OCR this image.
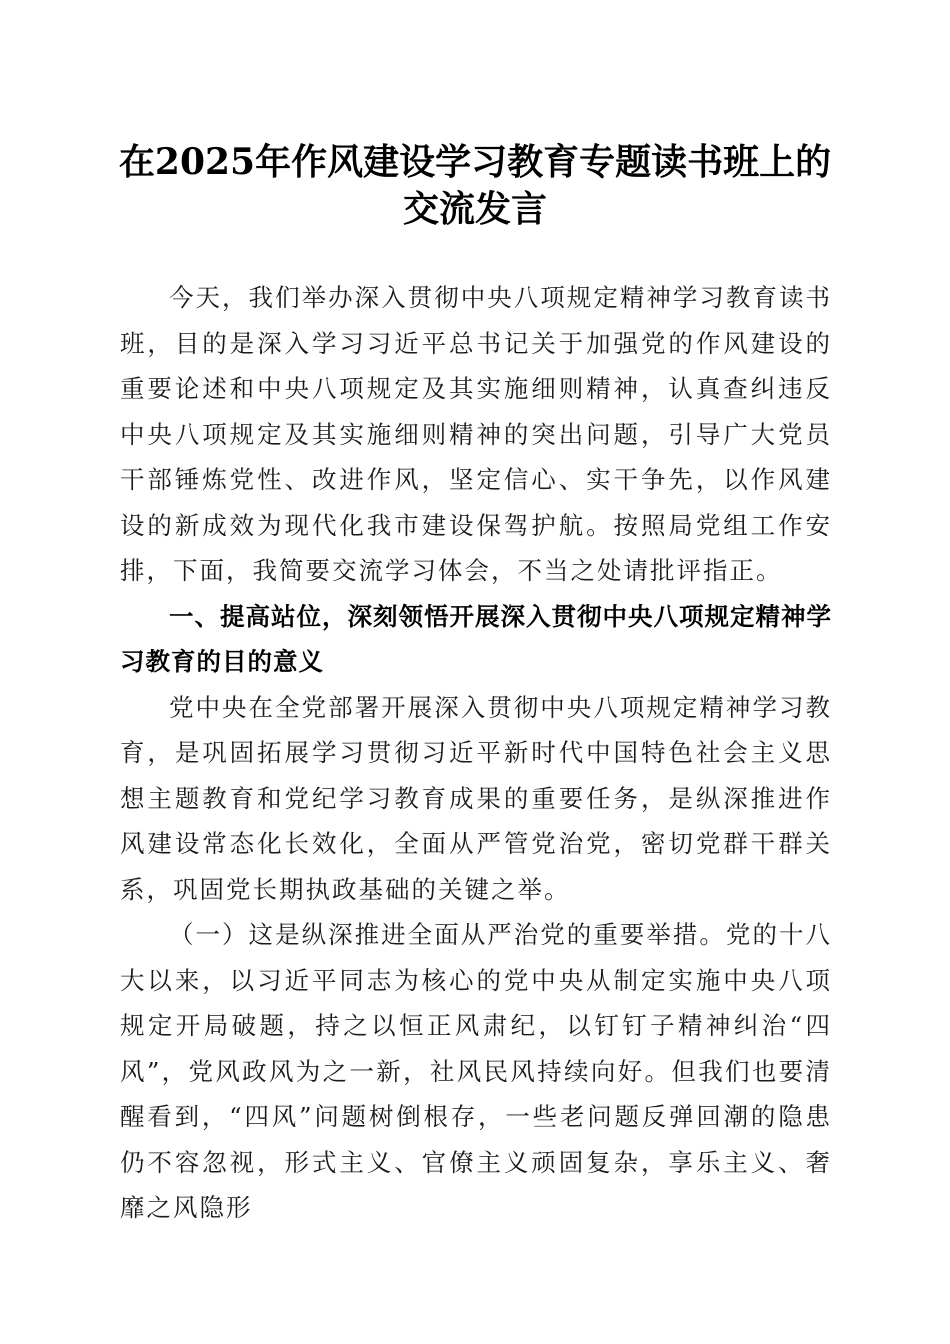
在2025年作风建设学习教育专题读书班上的
交流发言

今天，我们举办深入贯彻中央八项规定精神学习教育读书班，目的是深入学习习近平总书记关于加强党的作风建设的重要论述和中央八项规定及其实施细则精神，认真查纠违反中央八项规定及其实施细则精神的突出问题，引导广大党员干部锤炼党性、改进作风，坚定信心、实干争先，以作风建设的新成效为现代化我市建设保驾护航。按照局党组工作安排，下面，我简要交流学习体会，不当之处请批评指正。

一、提高站位，深刻领悟开展深入贯彻中央八项规定精神学习教育的目的意义

党中央在全党部署开展深入贯彻中央八项规定精神学习教育，是巩固拓展学习贯彻习近平新时代中国特色社会主义思想主题教育和党纪学习教育成果的重要任务，是纵深推进作风建设常态化长效化，全面从严管党治党，密切党群干群关系，巩固党长期执政基础的关键之举。

（一）这是纵深推进全面从严治党的重要举措。党的十八大以来，以习近平同志为核心的党中央从制定实施中央八项规定开局破题，持之以恒正风肃纪，以钉钉子精神纠治“四风”，党风政风为之一新，社风民风持续向好。但我们也要清醒看到，“四风”问题树倒根存，一些老问题反弹回潮的隐患仍不容忽视，形式主义、官僚主义顽固复杂，享乐主义、奢靡之风隐形
